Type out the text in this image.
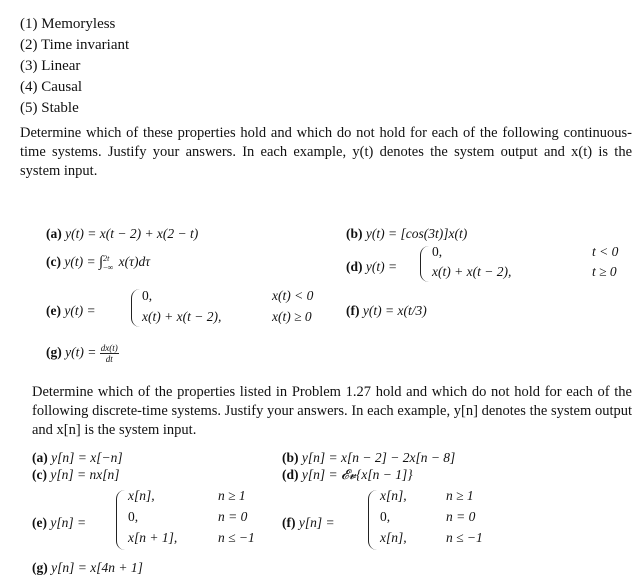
(1) Memoryless
(2) Time invariant
(3) Linear
(4) Causal
(5) Stable
Determine which of these properties hold and which do not hold for each of the following continuous-time systems. Justify your answers. In each example, y(t) denotes the system output and x(t) is the system input.
(a) y(t) = x(t − 2) + x(2 − t)	(b) y(t) = [cos(3t)]x(t)
(c) y(t) = ∫ 2t
−∞ x(τ)dτ	(d) y(t) =
0,	t < 0
x(t) + x(t − 2),	t ≥ 0
(e) y(t) =
0,	x(t) < 0
x(t) + x(t − 2),	x(t) ≥ 0	(f) y(t) = x(t/3)
(g) $y(t) = \frac{dx(t)}{dt}$
Determine which of the properties listed in Problem 1.27 hold and which do not hold for each of the following discrete-time systems. Justify your answers. In each example, y[n] denotes the system output and x[n] is the system input.
(a) y[n] = x[−n]	(b) y[n] = x[n − 2] − 2x[n − 8]
(c) y[n] = nx[n]	(d) y[n] = 𝓔𝓿{x[n − 1]}
(e) y[n] =
x[n],	n ≥ 1
0,	n = 0
x[n + 1],	n ≤ −1
(f) y[n] =
x[n],	n ≥ 1
0,	n = 0
x[n],	n ≤ −1
(g) y[n] = x[4n + 1]
